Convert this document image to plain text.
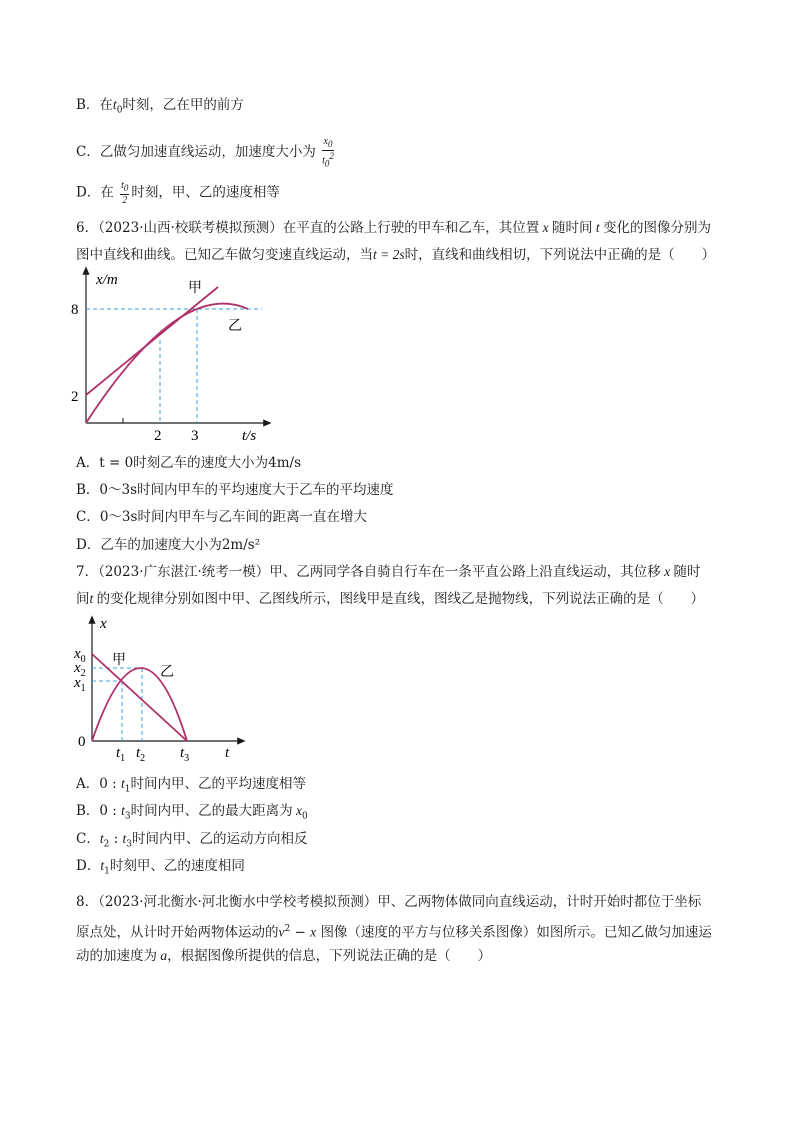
B．在$t_0$时刻，乙在甲的前方
C．乙做匀加速直线运动，加速度大小为 $\frac{x_0}{t_0^2}$
D．在 $\frac{t_0}{2}$ 时刻，甲、乙的速度相等
6．（2023·山西·校联考模拟预测）在平直的公路上行驶的甲车和乙车，其位置 x 随时间 t 变化的图像分别为
图中直线和曲线。已知乙车做匀变速直线运动，当t = 2s时，直线和曲线相切，下列说法中正确的是（　　）
x/m
t/s
8
2
2 3
甲
乙
A．t = 0时刻乙车的速度大小为4m/s
B．0～3s时间内甲车的平均速度大于乙车的平均速度
C．0～3s时间内甲车与乙车间的距离一直在增大
D．乙车的加速度大小为2m/s²
7．（2023·广东湛江·统考一模）甲、乙两同学各自骑自行车在一条平直公路上沿直线运动，其位移 x 随时
间t 的变化规律分别如图中甲、乙图线所示，图线甲是直线，图线乙是抛物线，下列说法正确的是（　　）
x
t
0
$x_0$
$x_2$
$x_1$
$t_1$ $t_2$ $t_3$
甲
乙
A．0 : $t_1$时间内甲、乙的平均速度相等
B．0 : $t_3$时间内甲、乙的最大距离为 $x_0$
C．$t_2$ : $t_3$时间内甲、乙的运动方向相反
D．$t_1$时刻甲、乙的速度相同
8．（2023·河北衡水·河北衡水中学校考模拟预测）甲、乙两物体做同向直线运动，计时开始时都位于坐标
原点处，从计时开始两物体运动的$v^2 - x$ 图像（速度的平方与位移关系图像）如图所示。已知乙做匀加速运
动的加速度为 a，根据图像所提供的信息，下列说法正确的是（　　）
